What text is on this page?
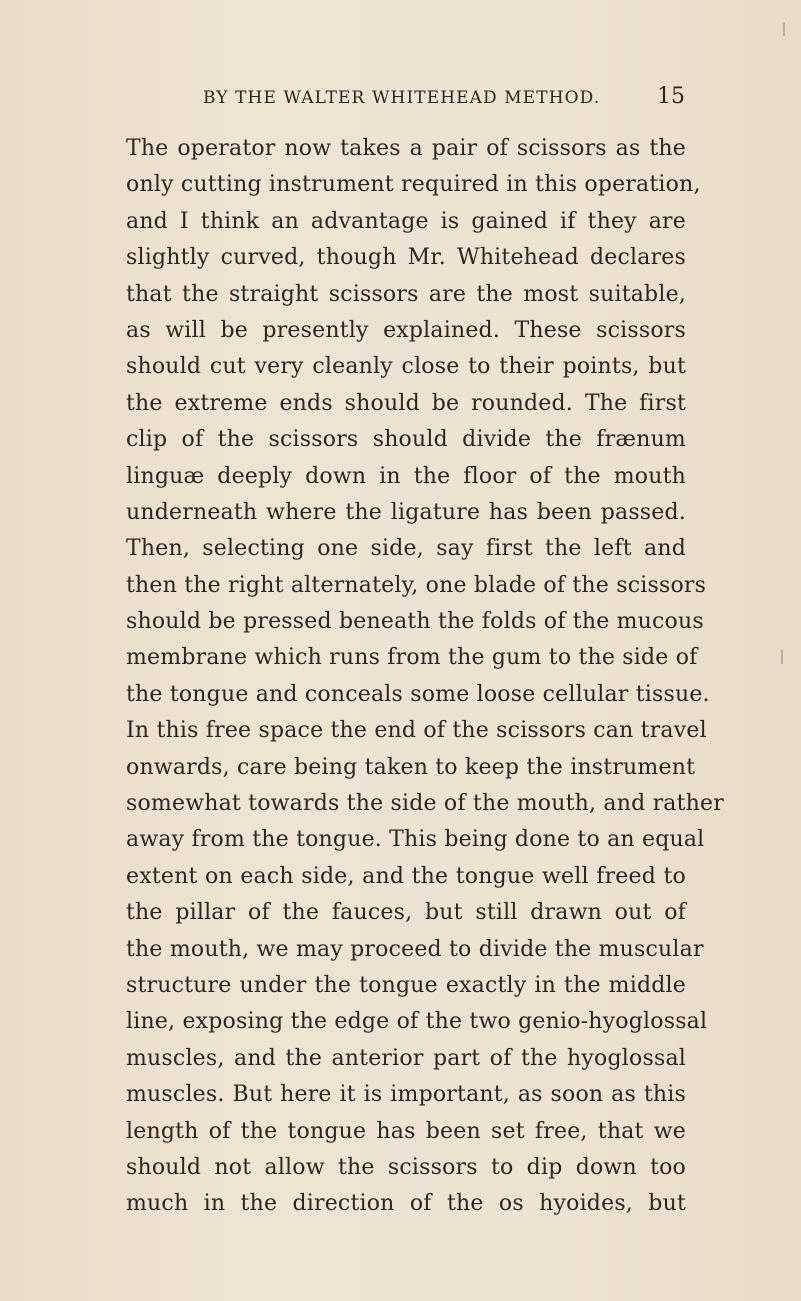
BY THE WALTER WHITEHEAD METHOD.	15
The operator now takes a pair of scissors as the
only cutting instrument required in this operation,
and I think an advantage is gained if they are
slightly curved, though Mr. Whitehead declares
that the straight scissors are the most suitable,
as will be presently explained. These scissors
should cut very cleanly close to their points, but
the extreme ends should be rounded. The first
clip of the scissors should divide the frænum
linguæ deeply down in the floor of the mouth
underneath where the ligature has been passed.
Then, selecting one side, say first the left and
then the right alternately, one blade of the scissors
should be pressed beneath the folds of the mucous
membrane which runs from the gum to the side of
the tongue and conceals some loose cellular tissue.
In this free space the end of the scissors can travel
onwards, care being taken to keep the instrument
somewhat towards the side of the mouth, and rather
away from the tongue. This being done to an equal
extent on each side, and the tongue well freed to
the pillar of the fauces, but still drawn out of
the mouth, we may proceed to divide the muscular
structure under the tongue exactly in the middle
line, exposing the edge of the two genio-hyoglossal
muscles, and the anterior part of the hyoglossal
muscles. But here it is important, as soon as this
length of the tongue has been set free, that we
should not allow the scissors to dip down too
much in the direction of the os hyoides, but
